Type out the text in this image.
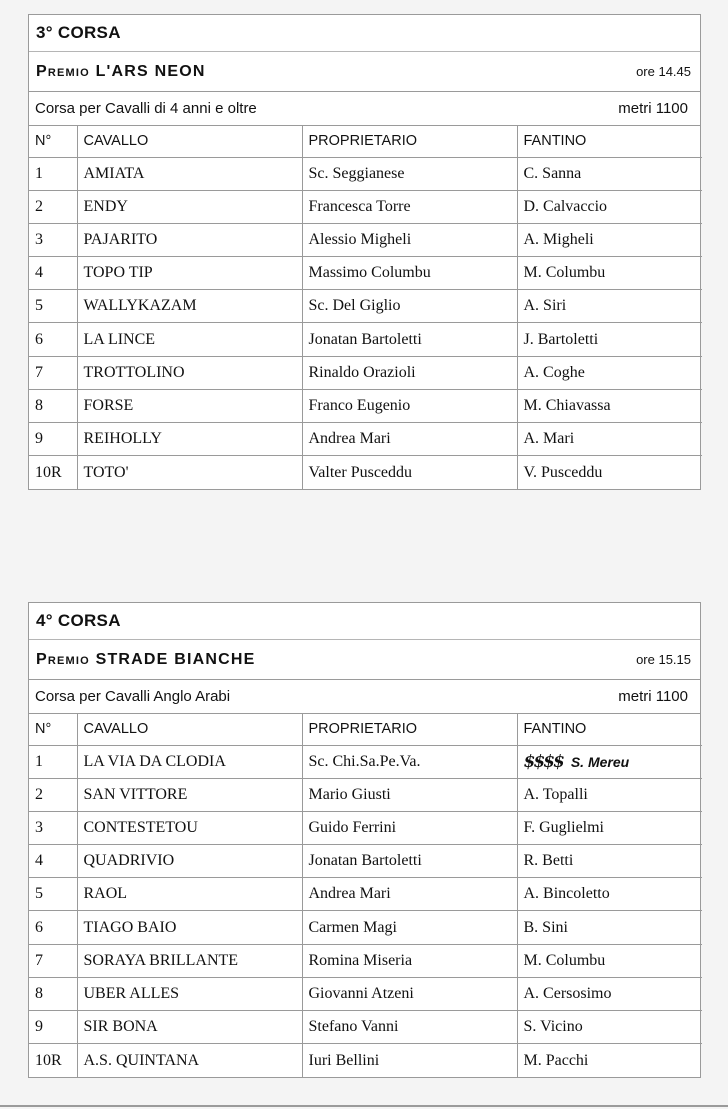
3° CORSA
Premio L'ARS NEON	ore 14.45
Corsa per Cavalli di 4 anni e oltre	metri 1100
N°	CAVALLO	PROPRIETARIO	FANTINO
1	AMIATA	Sc. Seggianese	C. Sanna
2	ENDY	Francesca Torre	D. Calvaccio
3	PAJARITO	Alessio Migheli	A. Migheli
4	TOPO TIP	Massimo Columbu	M. Columbu
5	WALLYKAZAM	Sc. Del Giglio	A. Siri
6	LA LINCE	Jonatan Bartoletti	J. Bartoletti
7	TROTTOLINO	Rinaldo Orazioli	A. Coghe
8	FORSE	Franco Eugenio	M. Chiavassa
9	REIHOLLY	Andrea Mari	A. Mari
10R	TOTO'	Valter Pusceddu	V. Pusceddu
4° CORSA
Premio STRADE BIANCHE	ore 15.15
Corsa per Cavalli Anglo Arabi	metri 1100
N°	CAVALLO	PROPRIETARIO	FANTINO
1	LA VIA DA CLODIA	Sc. Chi.Sa.Pe.Va.	$$$$ S. Mereu
2	SAN VITTORE	Mario Giusti	A. Topalli
3	CONTESTETOU	Guido Ferrini	F. Guglielmi
4	QUADRIVIO	Jonatan Bartoletti	R. Betti
5	RAOL	Andrea Mari	A. Bincoletto
6	TIAGO BAIO	Carmen Magi	B. Sini
7	SORAYA BRILLANTE	Romina Miseria	M. Columbu
8	UBER ALLES	Giovanni Atzeni	A. Cersosimo
9	SIR BONA	Stefano Vanni	S. Vicino
10R	A.S. QUINTANA	Iuri Bellini	M. Pacchi
